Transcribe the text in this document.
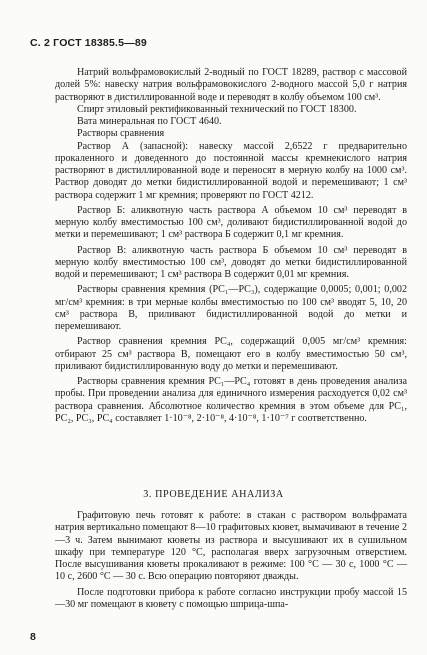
С. 2 ГОСТ 18385.5—89

Натрий вольфрамовокислый 2-водный по ГОСТ 18289, раствор с массовой долей 5%: навеску натрия вольфрамовокислого 2-водного массой 5,0 г натрия растворяют в дистиллированной воде и переводят в колбу объемом 100 см³.

Спирт этиловый ректификованный технический по ГОСТ 18300.

Вата минеральная по ГОСТ 4640.

Растворы сравнения

Раствор А (запасной): навеску массой 2,6522 г предварительно прокаленного и доведенного до постоянной массы кремнекислого натрия растворяют в дистиллированной воде и переносят в мерную колбу на 1000 см³. Раствор доводят до метки бидистиллированной водой и перемешивают; 1 см³ раствора содержит 1 мг кремния; проверяют по ГОСТ 4212.

Раствор Б: аликвотную часть раствора А объемом 10 см³ переводят в мерную колбу вместимостью 100 см³, доливают бидистиллированной водой до метки и перемешивают; 1 см³ раствора Б содержит 0,1 мг кремния.

Раствор В: аликвотную часть раствора Б объемом 10 см³ переводят в мерную колбу вместимостью 100 см³, доводят до метки бидистиллированной водой и перемешивают; 1 см³ раствора В содержит 0,01 мг кремния.

Растворы сравнения кремния (PC₁—PC₃), содержащие 0,0005; 0,001; 0,002 мг/см³ кремния: в три мерные колбы вместимостью по 100 см³ вводят 5, 10, 20 см³ раствора В, приливают бидистиллированной водой до метки и перемешивают.

Раствор сравнения кремния PC₄, содержащий 0,005 мг/см³ кремния: отбирают 25 см³ раствора В, помещают его в колбу вместимостью 50 см³, приливают бидистиллированную воду до метки и перемешивают.

Растворы сравнения кремния PC₁—PC₄ готовят в день проведения анализа пробы. При проведении анализа для единичного измерения расходуется 0,02 см³ раствора сравнения. Абсолютное количество кремния в этом объеме для PC₁, PC₂, PC₃, PC₄ составляет 1·10⁻⁸, 2·10⁻⁸, 4·10⁻⁸, 1·10⁻⁷ г соответственно.

3. ПРОВЕДЕНИЕ АНАЛИЗА

Графитовую печь готовят к работе: в стакан с раствором вольфрамата натрия вертикально помещают 8—10 графитовых кювет, вымачивают в течение 2—3 ч. Затем вынимают кюветы из раствора и высушивают их в сушильном шкафу при температуре 120 °С, располагая вверх загрузочным отверстием. После высушивания кюветы прокаливают в режиме: 100 °С — 30 с, 1000 °С — 10 с, 2600 °С — 30 с. Всю операцию повторяют дважды.

После подготовки прибора к работе согласно инструкции пробу массой 15—30 мг помещают в кювету с помощью шприца-шпа-

8
